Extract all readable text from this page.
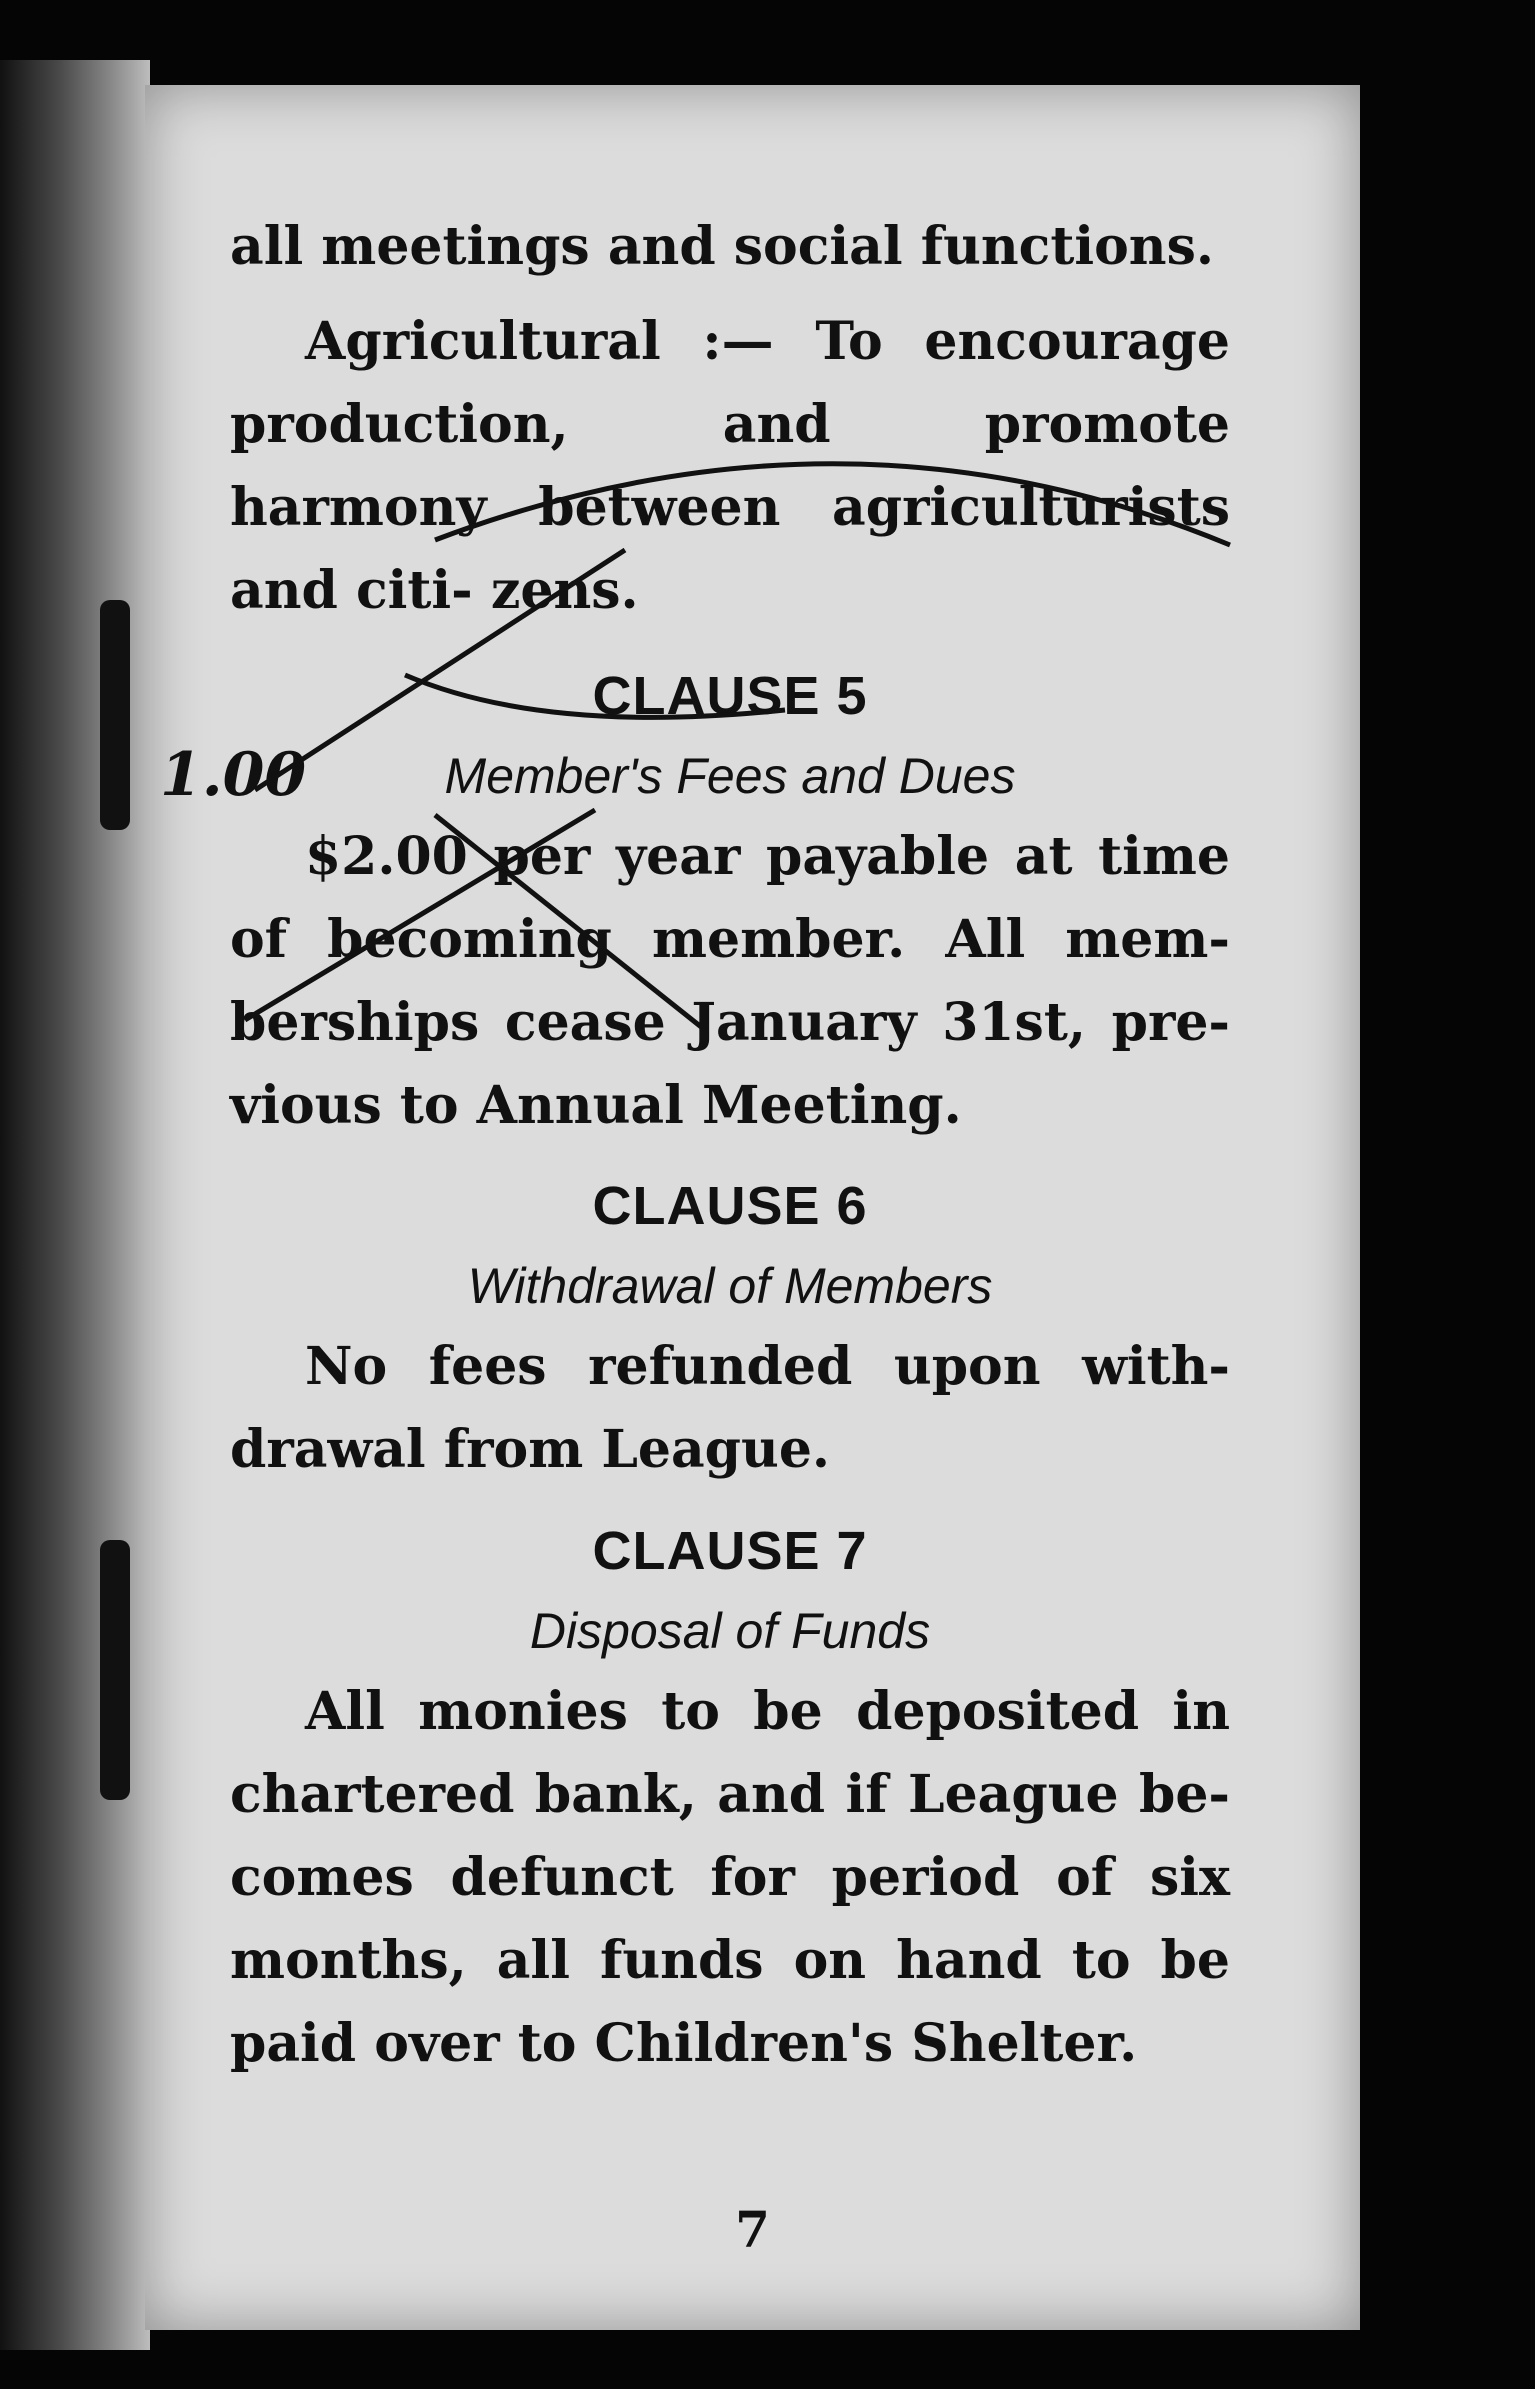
all meetings and social functions.

Agricultural :— To encourage production, and promote harmony between agriculturists and citi- zens.

CLAUSE 5

Member's Fees and Dues

$2.00 per year payable at time of becoming member. All mem- berships cease January 31st, pre- vious to Annual Meeting.

CLAUSE 6

Withdrawal of Members

No fees refunded upon with- drawal from League.

CLAUSE 7

Disposal of Funds

All monies to be deposited in chartered bank, and if League be- comes defunct for period of six months, all funds on hand to be paid over to Children's Shelter.

1.00
7
